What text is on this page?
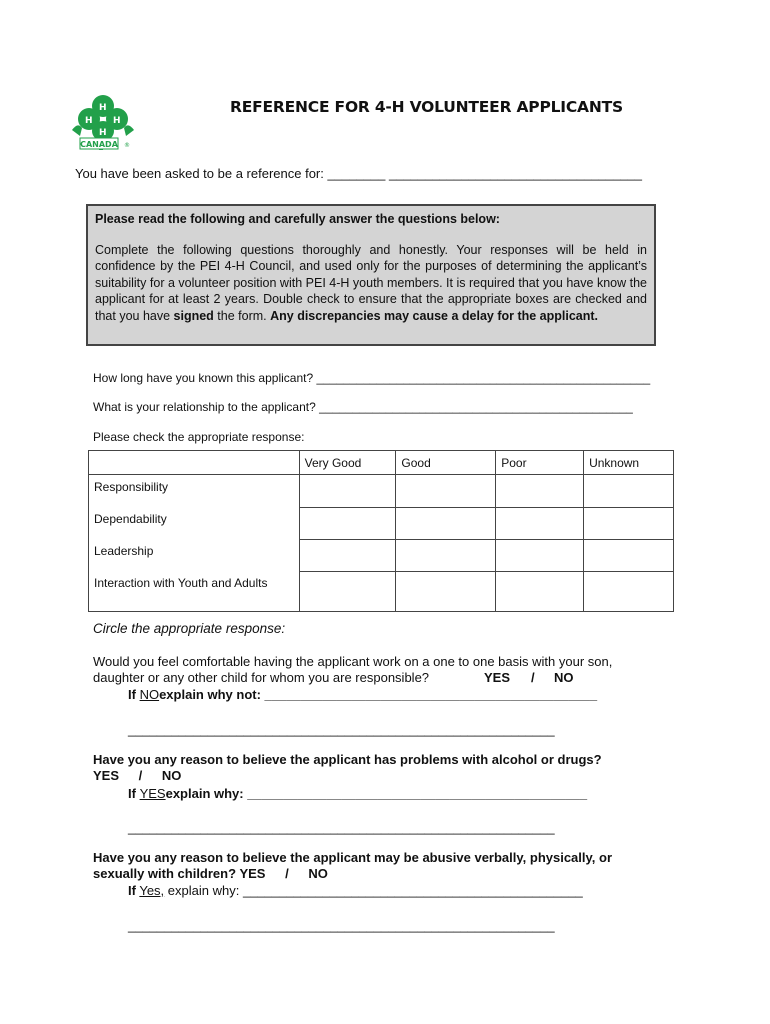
H
H H
H
CANADA ®
REFERENCE FOR 4-H VOLUNTEER APPLICANTS
You have been asked to be a reference for: ________ ___________________________________
Please read the following and carefully answer the questions below:
Complete the following questions thoroughly and honestly. Your responses will be held in confidence by the PEI 4-H Council, and used only for the purposes of determining the applicant’s suitability for a volunteer position with PEI 4-H youth members. It is required that you have know the applicant for at least 2 years. Double check to ensure that the appropriate boxes are checked and that you have signed the form. Any discrepancies may cause a delay for the applicant.
How long have you known this applicant? __________________________________________________
What is your relationship to the applicant? _______________________________________________
Please check the appropriate response:
	Very Good	Good	Poor	Unknown
Responsibility				
Dependability				
Leadership				
Interaction with Youth and Adults				
Circle the appropriate response:
Would you feel comfortable having the applicant work on a one to one basis with your son,
daughter or any other child for whom you are responsible?	YES / NO
If NOexplain why not: ______________________________________________
___________________________________________________________
Have you any reason to believe the applicant has problems with alcohol or drugs?
YES / NO
If YESexplain why: _______________________________________________
___________________________________________________________
Have you any reason to believe the applicant may be abusive verbally, physically, or
sexually with children? YES / NO
If Yes, explain why: _______________________________________________
___________________________________________________________
